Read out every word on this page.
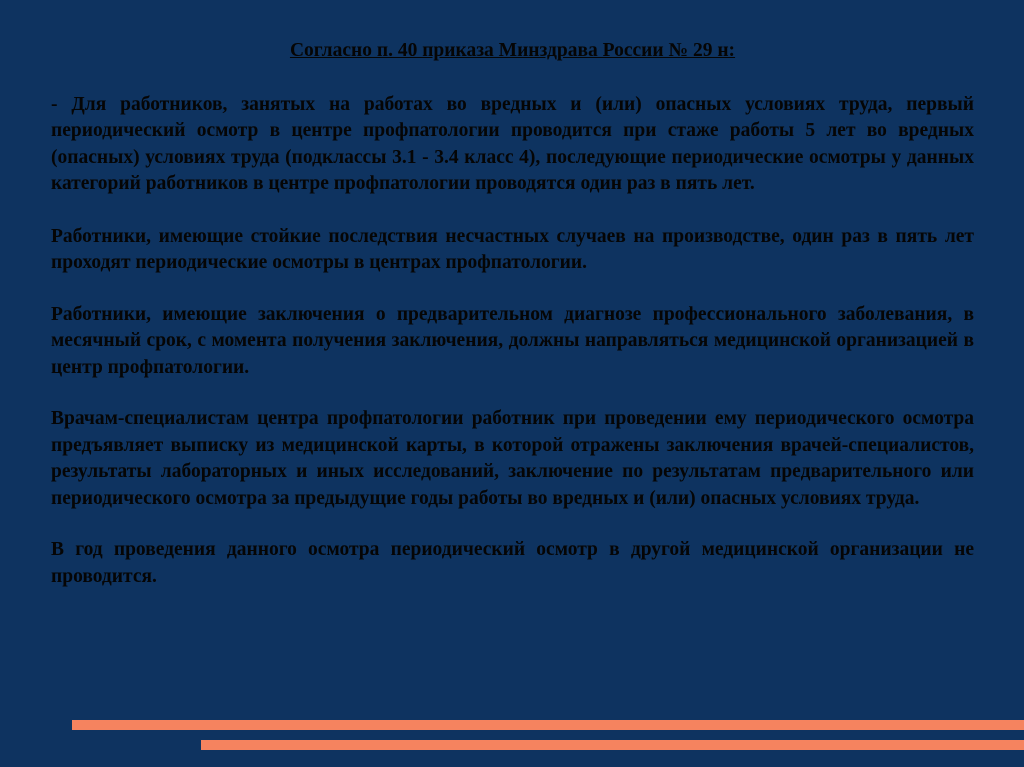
Согласно п. 40 приказа Минздрава России № 29 н:

- Для работников, занятых на работах во вредных и (или) опасных условиях труда, первый периодический осмотр в центре профпатологии проводится при стаже работы 5 лет во вредных (опасных) условиях труда (подклассы 3.1 - 3.4 класс 4), последующие периодические осмотры у данных категорий работников в центре профпатологии проводятся один раз в пять лет.

Работники, имеющие стойкие последствия несчастных случаев на производстве, один раз в пять лет проходят периодические осмотры в центрах профпатологии.

Работники, имеющие заключения о предварительном диагнозе профессионального заболевания, в месячный срок, с момента получения заключения, должны направляться медицинской организацией в центр профпатологии.

Врачам-специалистам центра профпатологии работник при проведении ему периодического осмотра предъявляет выписку из медицинской карты, в которой отражены заключения врачей-специалистов, результаты лабораторных и иных исследований, заключение по результатам предварительного или периодического осмотра за предыдущие годы работы во вредных и (или) опасных условиях труда.

В год проведения данного осмотра периодический осмотр в другой медицинской организации не проводится.
